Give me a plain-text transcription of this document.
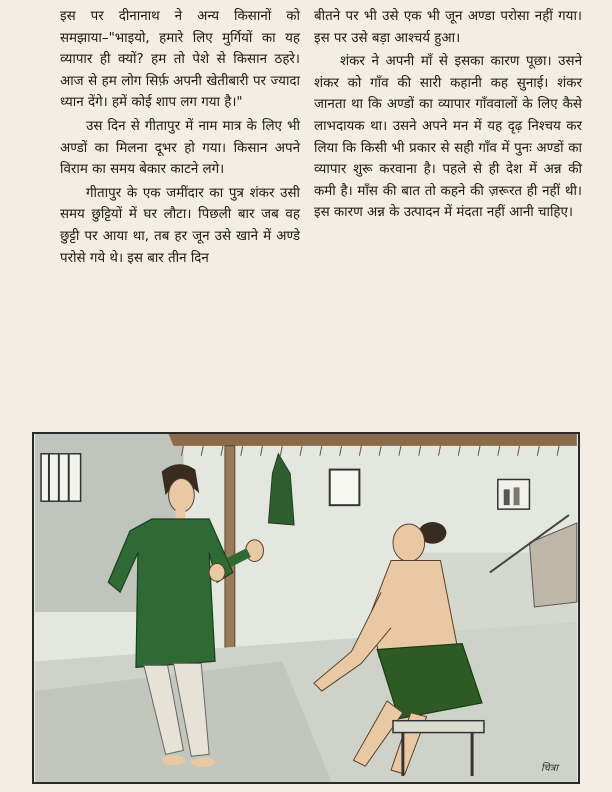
इस पर दीनानाथ ने अन्य किसानों को समझाया–"भाइयो, हमारे लिए मुर्गियों का यह व्यापार ही क्यों? हम तो पेशे से किसान ठहरे। आज से हम लोग सिर्फ़ अपनी खेतीबारी पर ज्यादा ध्यान देंगे। हमें कोई शाप लग गया है।"

उस दिन से गीतापुर में नाम मात्र के लिए भी अण्डों का मिलना दूभर हो गया। किसान अपने विराम का समय बेकार काटने लगे।

गीतापुर के एक जमींदार का पुत्र शंकर उसी समय छुट्टियों में घर लौटा। पिछली बार जब वह छुट्टी पर आया था, तब हर जून उसे खाने में अण्डे परोसे गये थे। इस बार तीन दिन

बीतने पर भी उसे एक भी जून अण्डा परोसा नहीं गया। इस पर उसे बड़ा आश्चर्य हुआ।

शंकर ने अपनी माँ से इसका कारण पूछा। उसने शंकर को गाँव की सारी कहानी कह सुनाई। शंकर जानता था कि अण्डों का व्यापार गाँववालों के लिए कैसे लाभदायक था। उसने अपने मन में यह दृढ़ निश्चय कर लिया कि किसी भी प्रकार से सही गाँव में पुनः अण्डों का व्यापार शुरू करवाना है। पहले से ही देश में अन्न की कमी है। माँस की बात तो कहने की ज़रूरत ही नहीं थी। इस कारण अन्न के उत्पादन में मंदता नहीं आनी चाहिए।

चित्रा
